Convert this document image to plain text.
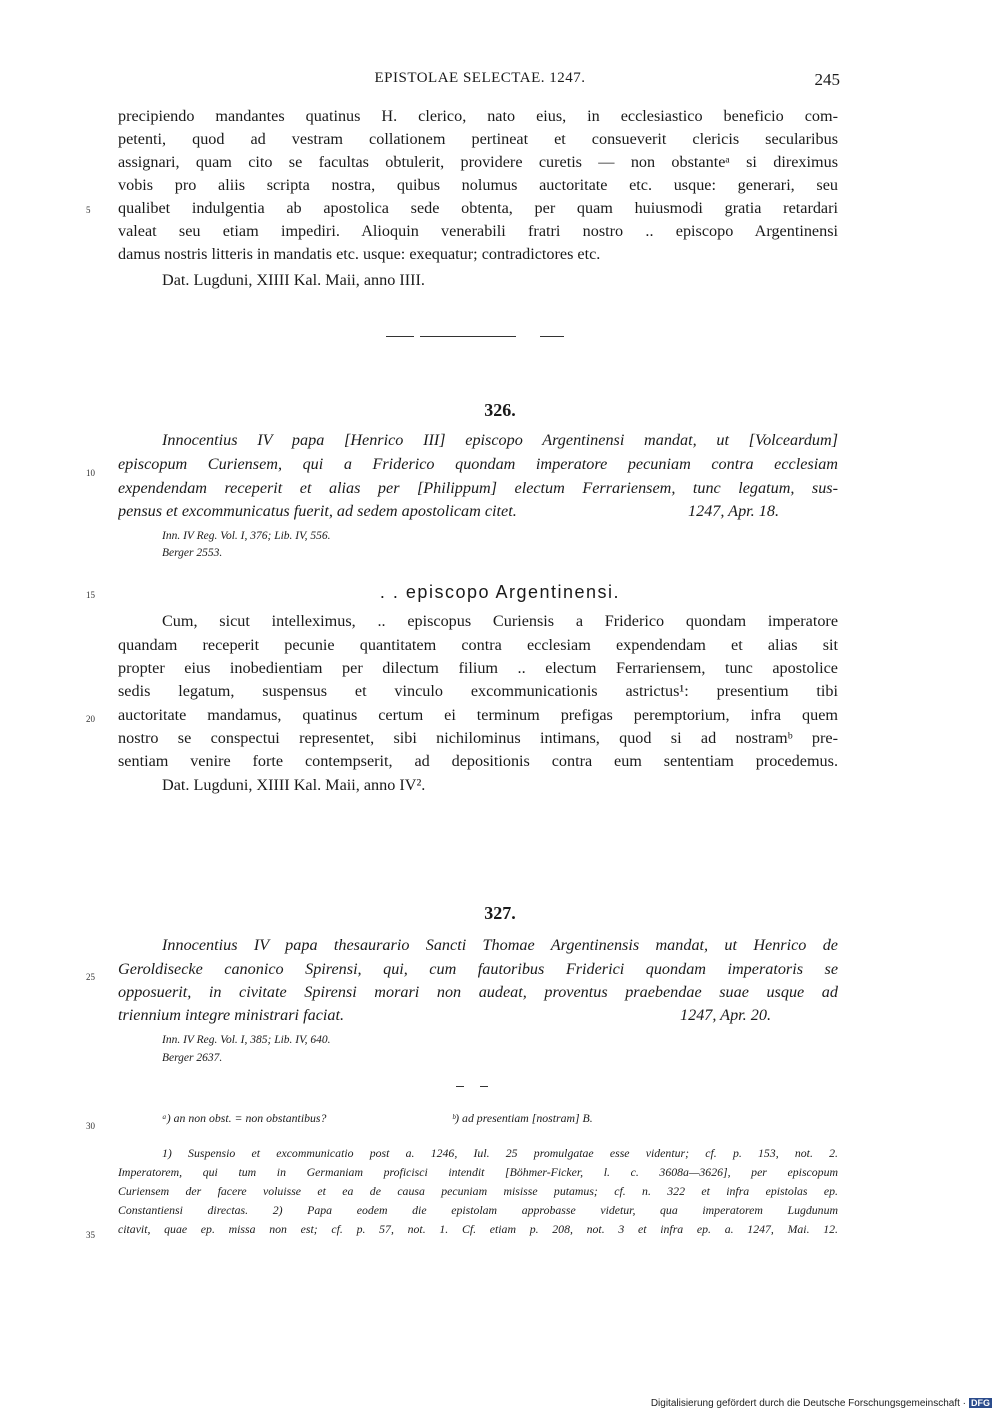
EPISTOLAE SELECTAE. 1247.	245
precipiendo mandantes quatinus H. clerico, nato eius, in ecclesiastico beneficio com-
petenti, quod ad vestram collationem pertineat et consueverit clericis secularibus
assignari, quam cito se facultas obtulerit, providere curetis — non obstanteᵃ si direximus
vobis pro aliis scripta nostra, quibus nolumus auctoritate etc. usque: generari, seu
qualibet indulgentia ab apostolica sede obtenta, per quam huiusmodi gratia retardari
valeat seu etiam impediri. Alioquin venerabili fratri nostro .. episcopo Argentinensi
damus nostris litteris in mandatis etc. usque: exequatur; contradictores etc.
Dat. Lugduni, XIIII Kal. Maii, anno IIII.
5
10
15
20
25
30
35
326.
Innocentius IV papa [Henrico III] episcopo Argentinensi mandat, ut [Volceardum]
episcopum Curiensem, qui a Friderico quondam imperatore pecuniam contra ecclesiam
expendendam receperit et alias per [Philippum] electum Ferrariensem, tunc legatum, sus-
pensus et excommunicatus fuerit, ad sedem apostolicam citet.	1247, Apr. 18.
Inn. IV Reg. Vol. I, 376; Lib. IV, 556.
Berger 2553.
. . episcopo Argentinensi.
Cum, sicut intelleximus, .. episcopus Curiensis a Friderico quondam imperatore
quandam receperit pecunie quantitatem contra ecclesiam expendendam et alias sit
propter eius inobedientiam per dilectum filium .. electum Ferrariensem, tunc apostolice
sedis legatum, suspensus et vinculo excommunicationis astrictus¹: presentium tibi
auctoritate mandamus, quatinus certum ei terminum prefigas peremptorium, infra quem
nostro se conspectui representet, sibi nichilominus intimans, quod si ad nostramᵇ pre-
sentiam venire forte contempserit, ad depositionis contra eum sententiam procedemus.
Dat. Lugduni, XIIII Kal. Maii, anno IV².
327.
Innocentius IV papa thesaurario Sancti Thomae Argentinensis mandat, ut Henrico de
Geroldisecke canonico Spirensi, qui, cum fautoribus Friderici quondam imperatoris se
opposuerit, in civitate Spirensi morari non audeat, proventus praebendae suae usque ad
triennium integre ministrari faciat.	1247, Apr. 20.
Inn. IV Reg. Vol. I, 385; Lib. IV, 640.
Berger 2637.
ᵃ) an non obst. = non obstantibus?	ᵇ) ad presentiam [nostram] B.
1) Suspensio et excommunicatio post a. 1246, Iul. 25 promulgatae esse videntur; cf. p. 153, not. 2.
Imperatorem, qui tum in Germaniam proficisci intendit [Böhmer-Ficker, l. c. 3608a—3626], per episcopum
Curiensem der facere voluisse et ea de causa pecuniam misisse putamus; cf. n. 322 et infra epistolas ep.
Constantiensi directas. 2) Papa eodem die epistolam approbasse videtur, qua imperatorem Lugdunum
citavit, quae ep. missa non est; cf. p. 57, not. 1. Cf. etiam p. 208, not. 3 et infra ep. a. 1247, Mai. 12.
Digitalisierung gefördert durch die Deutsche Forschungsgemeinschaft · DFG
